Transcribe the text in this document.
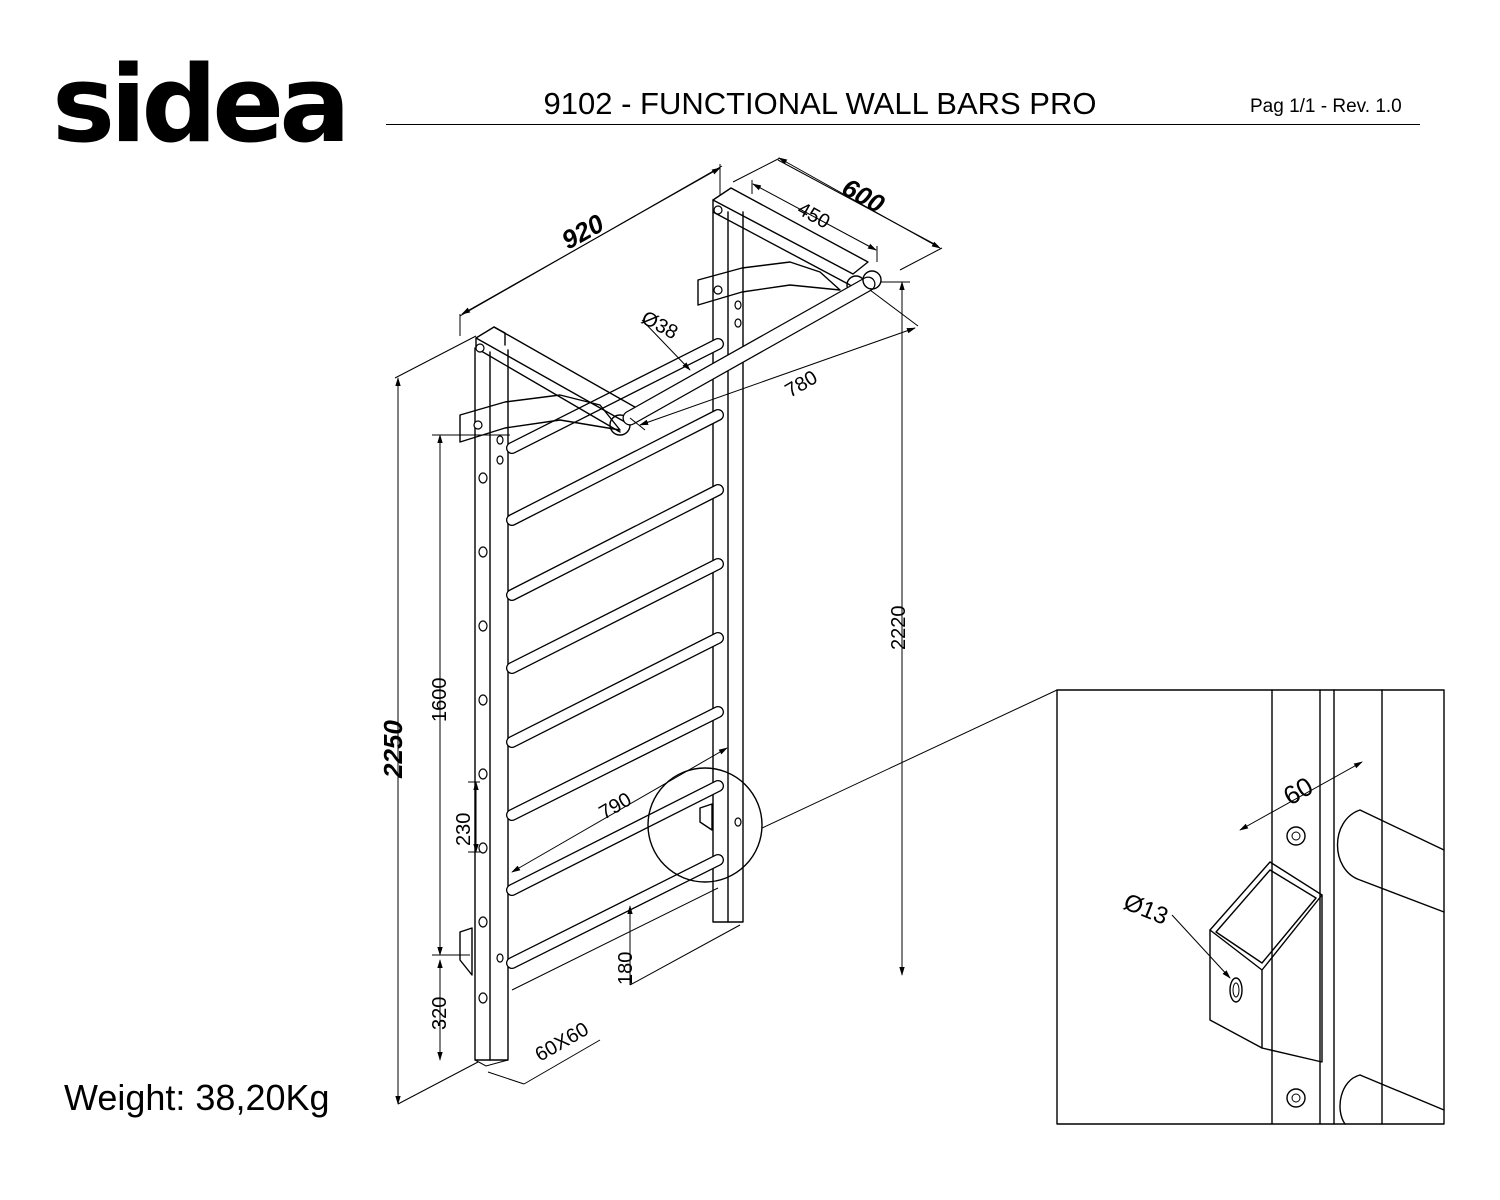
sidea	9102 - FUNCTIONAL WALL BARS PRO	Pag 1/1 - Rev. 1.0
Weight: 38,20Kg
920
600
450
Ø38
780
2220
2250
1600
230
320
790
180
60X60
60
Ø13
